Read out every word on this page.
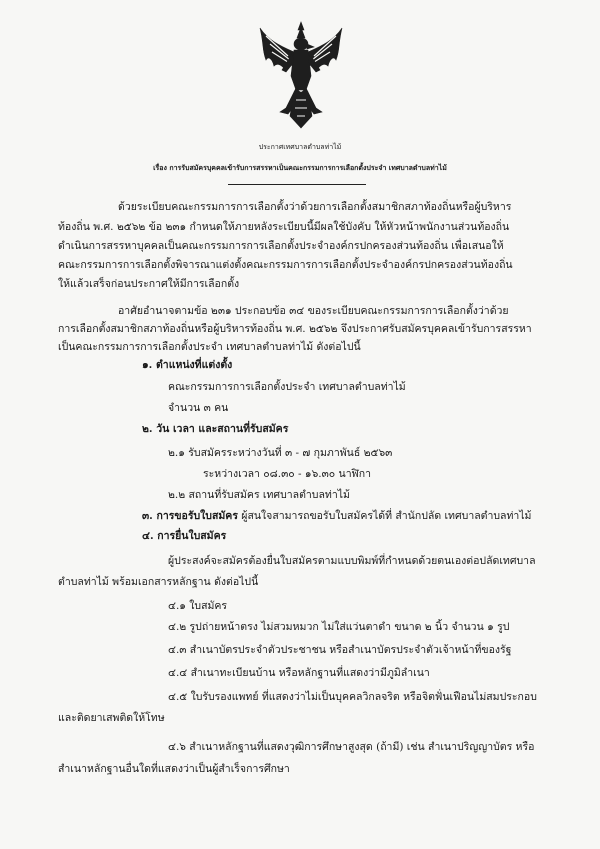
ประกาศเทศบาลตำบลท่าไม้
เรื่อง การรับสมัครบุคคลเข้ารับการสรรหาเป็นคณะกรรมการการเลือกตั้งประจำ เทศบาลตำบลท่าไม้
ด้วยระเบียบคณะกรรมการการเลือกตั้งว่าด้วยการเลือกตั้งสมาชิกสภาท้องถิ่นหรือผู้บริหาร
ท้องถิ่น พ.ศ. ๒๕๖๒ ข้อ ๒๓๑ กำหนดให้ภายหลังระเบียบนี้มีผลใช้บังคับ ให้หัวหน้าพนักงานส่วนท้องถิ่น
ดำเนินการสรรหาบุคคลเป็นคณะกรรมการการเลือกตั้งประจำองค์กรปกครองส่วนท้องถิ่น เพื่อเสนอให้
คณะกรรมการการเลือกตั้งพิจารณาแต่งตั้งคณะกรรมการการเลือกตั้งประจำองค์กรปกครองส่วนท้องถิ่น
ให้แล้วเสร็จก่อนประกาศให้มีการเลือกตั้ง
อาศัยอำนาจตามข้อ ๒๓๑ ประกอบข้อ ๓๔ ของระเบียบคณะกรรมการการเลือกตั้งว่าด้วย
การเลือกตั้งสมาชิกสภาท้องถิ่นหรือผู้บริหารท้องถิ่น พ.ศ. ๒๕๖๒ จึงประกาศรับสมัครบุคคลเข้ารับการสรรหา
เป็นคณะกรรมการการเลือกตั้งประจำ เทศบาลตำบลท่าไม้ ดังต่อไปนี้
๑. ตำแหน่งที่แต่งตั้ง
คณะกรรมการการเลือกตั้งประจำ เทศบาลตำบลท่าไม้
จำนวน ๓ คน
๒. วัน เวลา และสถานที่รับสมัคร
๒.๑ รับสมัครระหว่างวันที่ ๓ - ๗ กุมภาพันธ์ ๒๕๖๓
ระหว่างเวลา ๐๘.๓๐ - ๑๖.๓๐ นาฬิกา
๒.๒ สถานที่รับสมัคร เทศบาลตำบลท่าไม้
๓. การขอรับใบสมัคร ผู้สนใจสามารถขอรับใบสมัครได้ที่ สำนักปลัด เทศบาลตำบลท่าไม้
๔. การยื่นใบสมัคร
ผู้ประสงค์จะสมัครต้องยื่นใบสมัครตามแบบพิมพ์ที่กำหนดด้วยตนเองต่อปลัดเทศบาล
ตำบลท่าไม้ พร้อมเอกสารหลักฐาน ดังต่อไปนี้
๔.๑ ใบสมัคร
๔.๒ รูปถ่ายหน้าตรง ไม่สวมหมวก ไม่ใส่แว่นตาดำ ขนาด ๒ นิ้ว จำนวน ๑ รูป
๔.๓ สำเนาบัตรประจำตัวประชาชน หรือสำเนาบัตรประจำตัวเจ้าหน้าที่ของรัฐ
๔.๔ สำเนาทะเบียนบ้าน หรือหลักฐานที่แสดงว่ามีภูมิลำเนา
๔.๕ ใบรับรองแพทย์ ที่แสดงว่าไม่เป็นบุคคลวิกลจริต หรือจิตฟั่นเฟือนไม่สมประกอบ
และติดยาเสพติดให้โทษ
๔.๖ สำเนาหลักฐานที่แสดงวุฒิการศึกษาสูงสุด (ถ้ามี) เช่น สำเนาปริญญาบัตร หรือ
สำเนาหลักฐานอื่นใดที่แสดงว่าเป็นผู้สำเร็จการศึกษา
